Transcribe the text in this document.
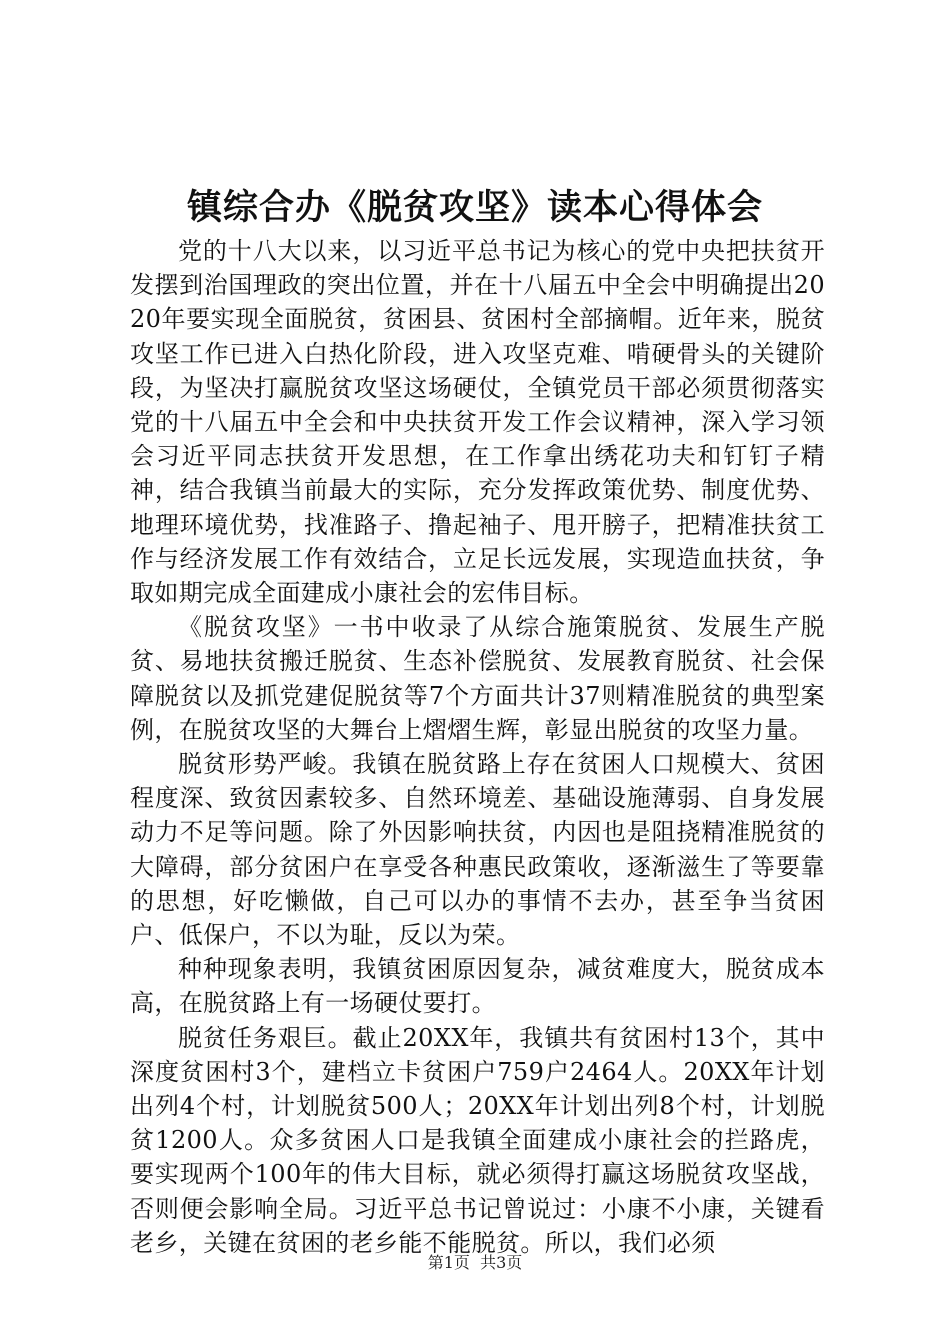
镇综合办《脱贫攻坚》读本心得体会

党的十八大以来，以习近平总书记为核心的党中央把扶贫开发摆到治国理政的突出位置，并在十八届五中全会中明确提出2020年要实现全面脱贫，贫困县、贫困村全部摘帽。近年来，脱贫攻坚工作已进入白热化阶段，进入攻坚克难、啃硬骨头的关键阶段，为坚决打赢脱贫攻坚这场硬仗，全镇党员干部必须贯彻落实党的十八届五中全会和中央扶贫开发工作会议精神，深入学习领会习近平同志扶贫开发思想，在工作拿出绣花功夫和钉钉子精神，结合我镇当前最大的实际，充分发挥政策优势、制度优势、地理环境优势，找准路子、撸起袖子、甩开膀子，把精准扶贫工作与经济发展工作有效结合，立足长远发展，实现造血扶贫，争取如期完成全面建成小康社会的宏伟目标。

《脱贫攻坚》一书中收录了从综合施策脱贫、发展生产脱贫、易地扶贫搬迁脱贫、生态补偿脱贫、发展教育脱贫、社会保障脱贫以及抓党建促脱贫等7个方面共计37则精准脱贫的典型案例，在脱贫攻坚的大舞台上熠熠生辉，彰显出脱贫的攻坚力量。

脱贫形势严峻。我镇在脱贫路上存在贫困人口规模大、贫困程度深、致贫因素较多、自然环境差、基础设施薄弱、自身发展动力不足等问题。除了外因影响扶贫，内因也是阻挠精准脱贫的大障碍，部分贫困户在享受各种惠民政策收，逐渐滋生了等要靠的思想，好吃懒做，自己可以办的事情不去办，甚至争当贫困户、低保户，不以为耻，反以为荣。

种种现象表明，我镇贫困原因复杂，减贫难度大，脱贫成本高，在脱贫路上有一场硬仗要打。

脱贫任务艰巨。截止20XX年，我镇共有贫困村13个，其中深度贫困村3个，建档立卡贫困户759户2464人。20XX年计划出列4个村，计划脱贫500人；20XX年计划出列8个村，计划脱贫1200人。众多贫困人口是我镇全面建成小康社会的拦路虎，要实现两个100年的伟大目标，就必须得打赢这场脱贫攻坚战，否则便会影响全局。习近平总书记曾说过：小康不小康，关键看老乡，关键在贫困的老乡能不能脱贫。所以，我们必须

第1页 共3页
